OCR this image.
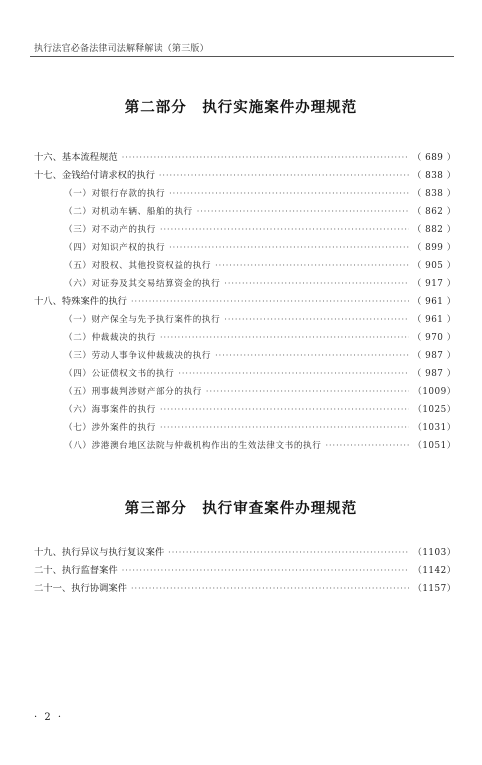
执行法官必备法律司法解释解读（第三版）
第二部分　执行实施案件办理规范
十六、基本流程规范 ·····	（ 689 ）
十七、金钱给付请求权的执行 ·····	（ 838 ）
（一）对银行存款的执行 ·····	（ 838 ）
（二）对机动车辆、船舶的执行 ·····	（ 862 ）
（三）对不动产的执行 ·····	（ 882 ）
（四）对知识产权的执行 ·····	（ 899 ）
（五）对股权、其他投资权益的执行 ·····	（ 905 ）
（六）对证券及其交易结算资金的执行 ·····	（ 917 ）
十八、特殊案件的执行 ·····	（ 961 ）
（一）财产保全与先予执行案件的执行 ·····	（ 961 ）
（二）仲裁裁决的执行 ·····	（ 970 ）
（三）劳动人事争议仲裁裁决的执行 ·····	（ 987 ）
（四）公证债权文书的执行 ·····	（ 987 ）
（五）刑事裁判涉财产部分的执行 ·····	（1009）
（六）海事案件的执行 ·····	（1025）
（七）涉外案件的执行 ·····	（1031）
（八）涉港澳台地区法院与仲裁机构作出的生效法律文书的执行 ·····	（1051）
第三部分　执行审查案件办理规范
十九、执行异议与执行复议案件 ·····	（1103）
二十、执行监督案件 ·····	（1142）
二十一、执行协调案件 ·····	（1157）
· 2 ·
